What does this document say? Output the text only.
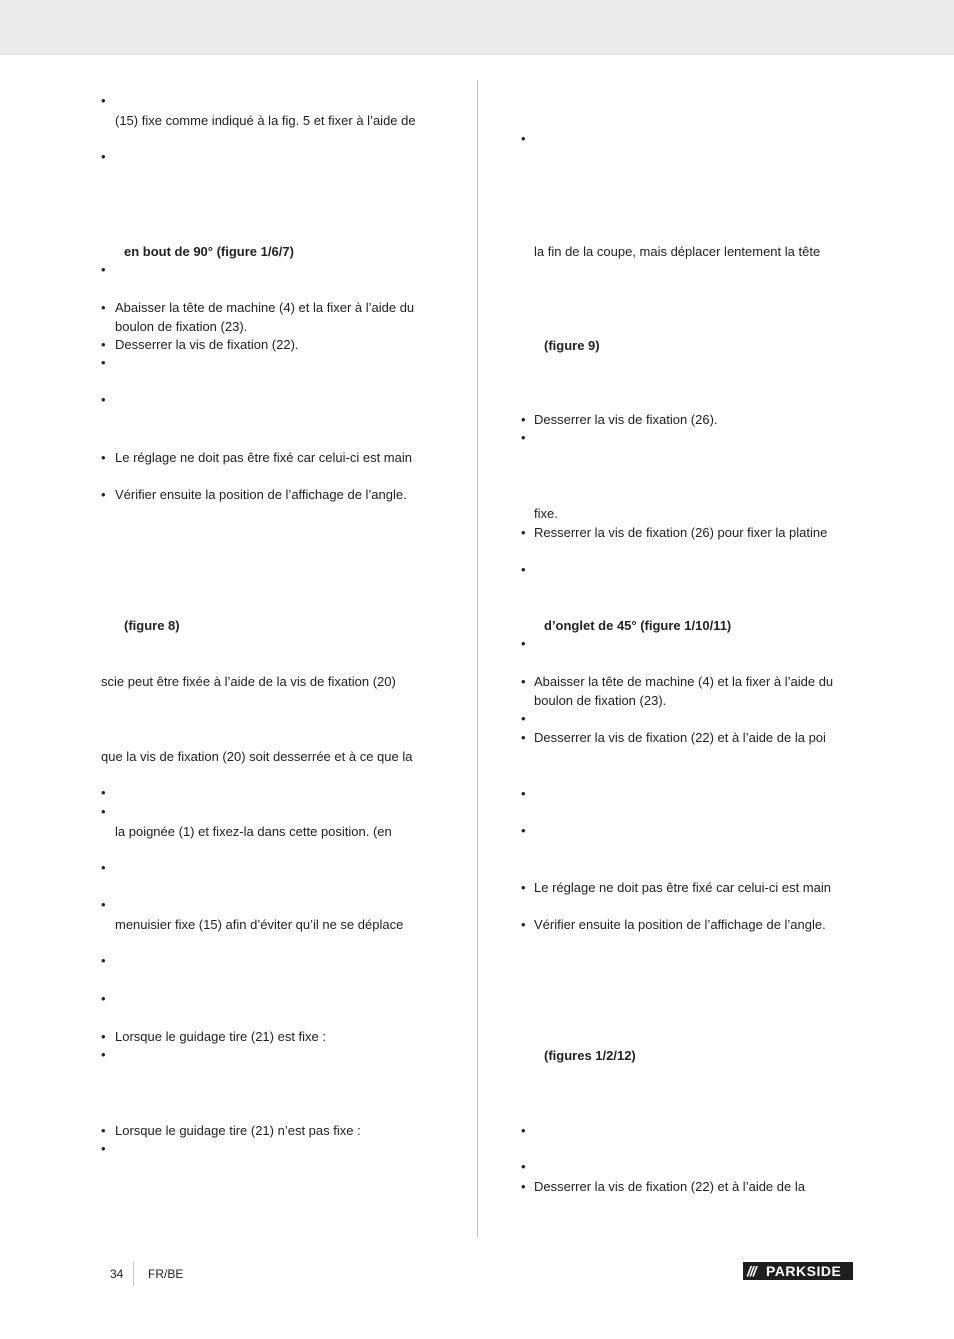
•
(15) fixe comme indiqué à la fig. 5 et fixer à l’aide de
•
en bout de 90° (figure 1/6/7)
•
• Abaisser la tête de machine (4) et la fixer à l’aide du
boulon de fixation (23).
• Desserrer la vis de fixation (22).
•
•
• Le réglage ne doit pas être fixé car celui-ci est main
• Vérifier ensuite la position de l’affichage de l’angle.
(figure 8)
scie peut être fixée à l’aide de la vis de fixation (20)
que la vis de fixation (20) soit desserrée et à ce que la
•
•
la poignée (1) et fixez-la dans cette position. (en
•
•
menuisier fixe (15) afin d’éviter qu’il ne se déplace
•
•
• Lorsque le guidage tire (21) est fixe :
•
• Lorsque le guidage tire (21) n’est pas fixe :
•
•
la fin de la coupe, mais déplacer lentement la tête
(figure 9)
• Desserrer la vis de fixation (26).
•
fixe.
• Resserrer la vis de fixation (26) pour fixer la platine
•
d’onglet de 45° (figure 1/10/11)
•
• Abaisser la tête de machine (4) et la fixer à l’aide du
boulon de fixation (23).
•
• Desserrer la vis de fixation (22) et à l’aide de la poi
•
•
• Le réglage ne doit pas être fixé car celui-ci est main
• Vérifier ensuite la position de l’affichage de l’angle.
(figures 1/2/12)
•
•
• Desserrer la vis de fixation (22) et à l’aide de la
34 FR/BE	/// PARKSIDE
